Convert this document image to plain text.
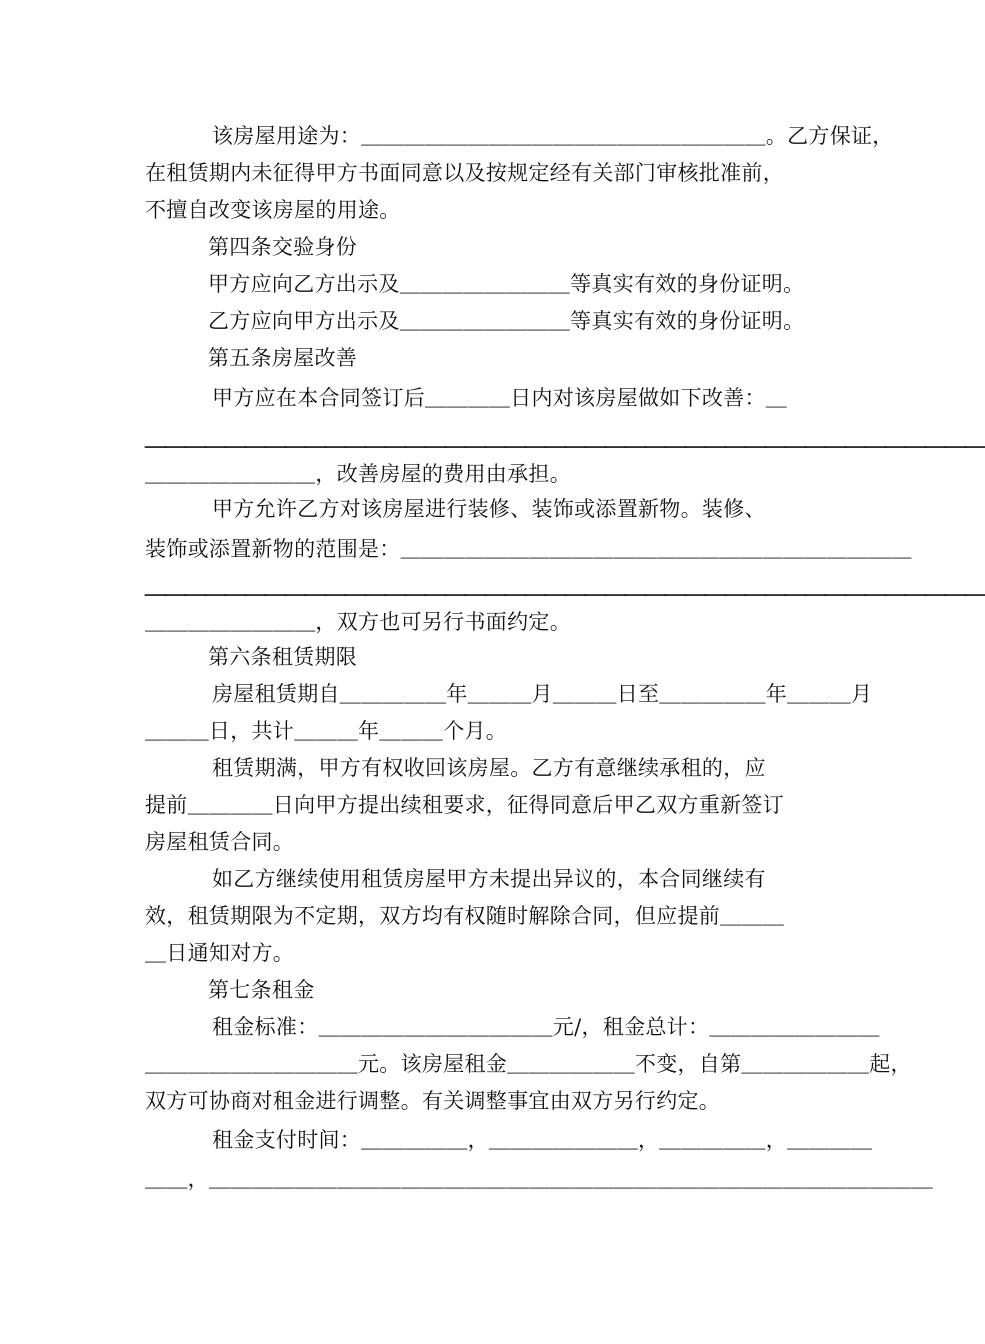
该房屋用途为：＿＿＿＿＿＿＿＿＿＿＿＿＿＿＿＿＿＿＿。乙方保证，
在租赁期内未征得甲方书面同意以及按规定经有关部门审核批准前，
不擅自改变该房屋的用途。
第四条交验身份
甲方应向乙方出示及＿＿＿＿＿＿＿＿等真实有效的身份证明。
乙方应向甲方出示及＿＿＿＿＿＿＿＿等真实有效的身份证明。
第五条房屋改善
甲方应在本合同签订后＿＿＿＿日内对该房屋做如下改善：＿
＿＿＿＿＿＿＿＿＿＿＿＿＿＿＿＿＿＿＿＿＿＿＿＿＿＿＿＿＿＿＿＿＿＿＿＿＿＿＿＿＿＿
＿＿＿＿＿＿＿＿，改善房屋的费用由承担。
甲方允许乙方对该房屋进行装修、装饰或添置新物。装修、
装饰或添置新物的范围是：＿＿＿＿＿＿＿＿＿＿＿＿＿＿＿＿＿＿＿＿＿＿＿＿
＿＿＿＿＿＿＿＿＿＿＿＿＿＿＿＿＿＿＿＿＿＿＿＿＿＿＿＿＿＿＿＿＿＿＿＿＿＿＿＿＿＿
＿＿＿＿＿＿＿＿，双方也可另行书面约定。
第六条租赁期限
房屋租赁期自＿＿＿＿＿年＿＿＿月＿＿＿日至＿＿＿＿＿年＿＿＿月
＿＿＿日，共计＿＿＿年＿＿＿个月。
租赁期满，甲方有权收回该房屋。乙方有意继续承租的，应
提前＿＿＿＿日向甲方提出续租要求，征得同意后甲乙双方重新签订
房屋租赁合同。
如乙方继续使用租赁房屋甲方未提出异议的，本合同继续有
效，租赁期限为不定期，双方均有权随时解除合同，但应提前＿＿＿
＿日通知对方。
第七条租金
租金标准：＿＿＿＿＿＿＿＿＿＿＿元/，租金总计：＿＿＿＿＿＿＿＿
＿＿＿＿＿＿＿＿＿＿元。该房屋租金＿＿＿＿＿＿不变，自第＿＿＿＿＿＿起，
双方可协商对租金进行调整。有关调整事宜由双方另行约定。
租金支付时间：＿＿＿＿＿，＿＿＿＿＿＿＿，＿＿＿＿＿，＿＿＿＿
＿＿，＿＿＿＿＿＿＿＿＿＿＿＿＿＿＿＿＿＿＿＿＿＿＿＿＿＿＿＿＿＿＿＿＿＿
